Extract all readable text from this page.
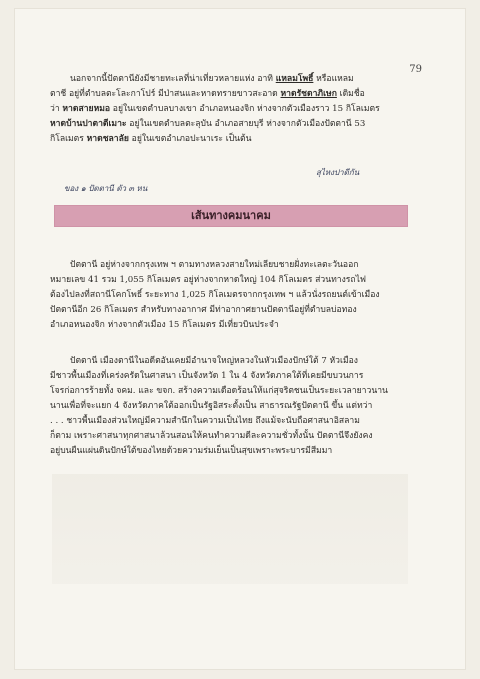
79
นอกจากนี้ปัตตานียังมีชายทะเลที่น่าเที่ยวหลายแห่ง อาทิ แหลมโพธิ์ หรือแหลม
ตาชี อยู่ที่ตำบลตะโละกาโปร์ มีป่าสนและหาดทรายขาวสะอาด หาดรัชดาภิเษก เดิมชื่อ
ว่า หาดสายหมอ อยู่ในเขตตำบลบางเขา อำเภอหนองจิก ห่างจากตัวเมืองราว 15 กิโลเมตร
หาดบ้านปาตาตีเมาะ อยู่ในเขตตำบลตะลุบัน อำเภอสายบุรี ห่างจากตัวเมืองปัตตานี 53
กิโลเมตร หาดชลาลัย อยู่ในเขตอำเภอปะนาเระ เป็นต้น
สุไหงปาดีกัน
ของ ๑ ปัตตานี ตัว ๓ หน
เส้นทางคมนาคม
ปัตตานี อยู่ห่างจากกรุงเทพ ฯ ตามทางหลวงสายใหม่เลียบชายฝั่งทะเลตะวันออก
หมายเลข 41 รวม 1,055 กิโลเมตร อยู่ห่างจากหาดใหญ่ 104 กิโลเมตร ส่วนทางรถไฟ
ต้องไปลงที่สถานีโคกโพธิ์ ระยะทาง 1,025 กิโลเมตรจากกรุงเทพ ฯ แล้วนั่งรถยนต์เข้าเมือง
ปัตตานีอีก 26 กิโลเมตร สำหรับทางอากาศ มีท่าอากาศยานปัตตานีอยู่ที่ตำบลบ่อทอง
อำเภอหนองจิก ห่างจากตัวเมือง 15 กิโลเมตร มีเที่ยวบินประจำ
ปัตตานี เมืองตานีในอดีตอันเคยมีอำนาจใหญ่หลวงในหัวเมืองปักษ์ใต้ 7 หัวเมือง
มีชาวพื้นเมืองที่เคร่งครัดในศาสนา เป็นจังหวัด 1 ใน 4 จังหวัดภาคใต้ที่เคยมีขบวนการ
โจรก่อการร้ายทั้ง จคม. และ ขจก. สร้างความเดือดร้อนให้แก่สุจริตชนเป็นระยะเวลายาวนาน
นานเพื่อที่จะแยก 4 จังหวัดภาคใต้ออกเป็นรัฐอิสระตั้งเป็น สาธารณรัฐปัตตานี ขึ้น แต่ทว่า
. . . ชาวพื้นเมืองส่วนใหญ่มีความสำนึกในความเป็นไทย ถึงแม้จะนับถือศาสนาอิสลาม
ก็ตาม เพราะศาสนาทุกศาสนาล้วนสอนให้คนทำความดีละความชั่วทั้งนั้น ปัตตานีจึงยังคง
อยู่บนผืนแผ่นดินปักษ์ใต้ของไทยด้วยความร่มเย็นเป็นสุขเพราะพระบารมีสีมมา
